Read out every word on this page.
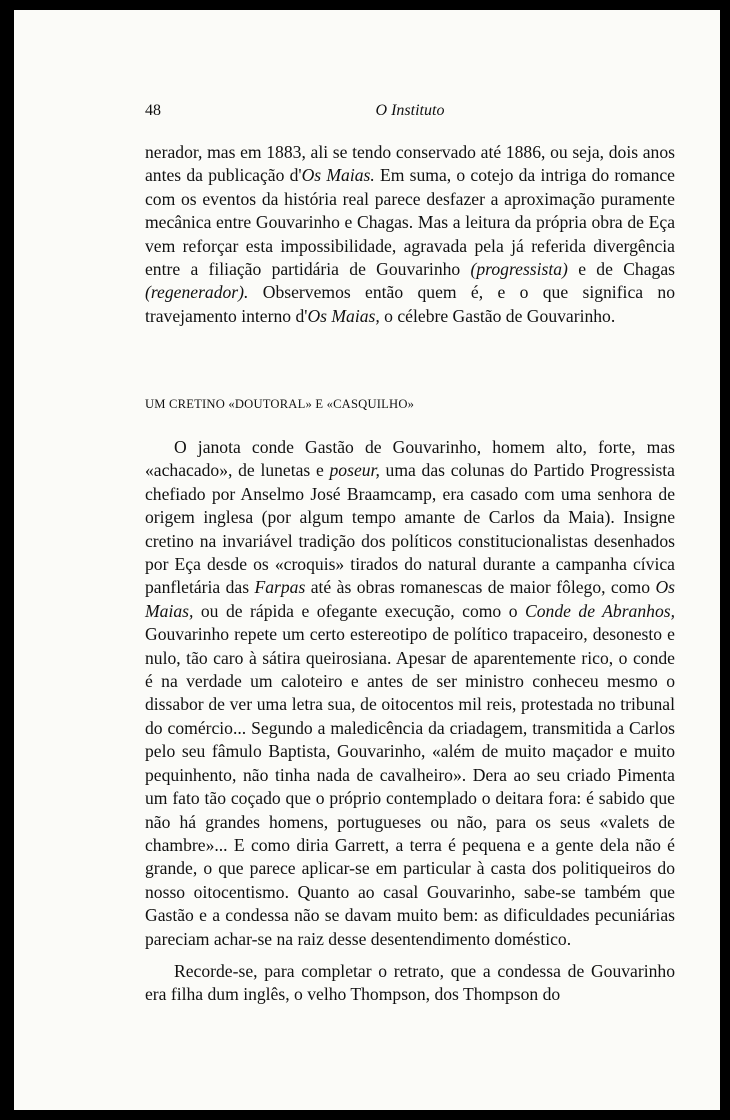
48	O Instituto

nerador, mas em 1883, ali se tendo conservado até 1886, ou seja, dois anos antes da publicação d'Os Maias. Em suma, o cotejo da intriga do romance com os eventos da história real parece desfazer a aproximação puramente mecânica entre Gouvarinho e Chagas. Mas a leitura da própria obra de Eça vem reforçar esta impossibilidade, agravada pela já referida divergência entre a filiação partidária de Gouvarinho (progressista) e de Chagas (regenerador). Observemos então quem é, e o que significa no travejamento interno d'Os Maias, o célebre Gastão de Gouvarinho.

UM CRETINO «DOUTORAL» E «CASQUILHO»

O janota conde Gastão de Gouvarinho, homem alto, forte, mas «achacado», de lunetas e poseur, uma das colunas do Partido Progressista chefiado por Anselmo José Braamcamp, era casado com uma senhora de origem inglesa (por algum tempo amante de Carlos da Maia). Insigne cretino na invariável tradição dos políticos constitucionalistas desenhados por Eça desde os «croquis» tirados do natural durante a campanha cívica panfletária das Farpas até às obras romanescas de maior fôlego, como Os Maias, ou de rápida e ofegante execução, como o Conde de Abranhos, Gouvarinho repete um certo estereotipo de político trapaceiro, desonesto e nulo, tão caro à sátira queirosiana. Apesar de aparentemente rico, o conde é na verdade um caloteiro e antes de ser ministro conheceu mesmo o dissabor de ver uma letra sua, de oitocentos mil reis, protestada no tribunal do comércio... Segundo a maledicência da criadagem, transmitida a Carlos pelo seu fâmulo Baptista, Gouvarinho, «além de muito maçador e muito pequinhento, não tinha nada de cavalheiro». Dera ao seu criado Pimenta um fato tão coçado que o próprio contemplado o deitara fora: é sabido que não há grandes homens, portugueses ou não, para os seus «valets de chambre»... E como diria Garrett, a terra é pequena e a gente dela não é grande, o que parece aplicar-se em particular à casta dos politiqueiros do nosso oitocentismo. Quanto ao casal Gouvarinho, sabe-se também que Gastão e a condessa não se davam muito bem: as dificuldades pecuniárias pareciam achar-se na raiz desse desentendimento doméstico.

Recorde-se, para completar o retrato, que a condessa de Gouvarinho era filha dum inglês, o velho Thompson, dos Thompson do
